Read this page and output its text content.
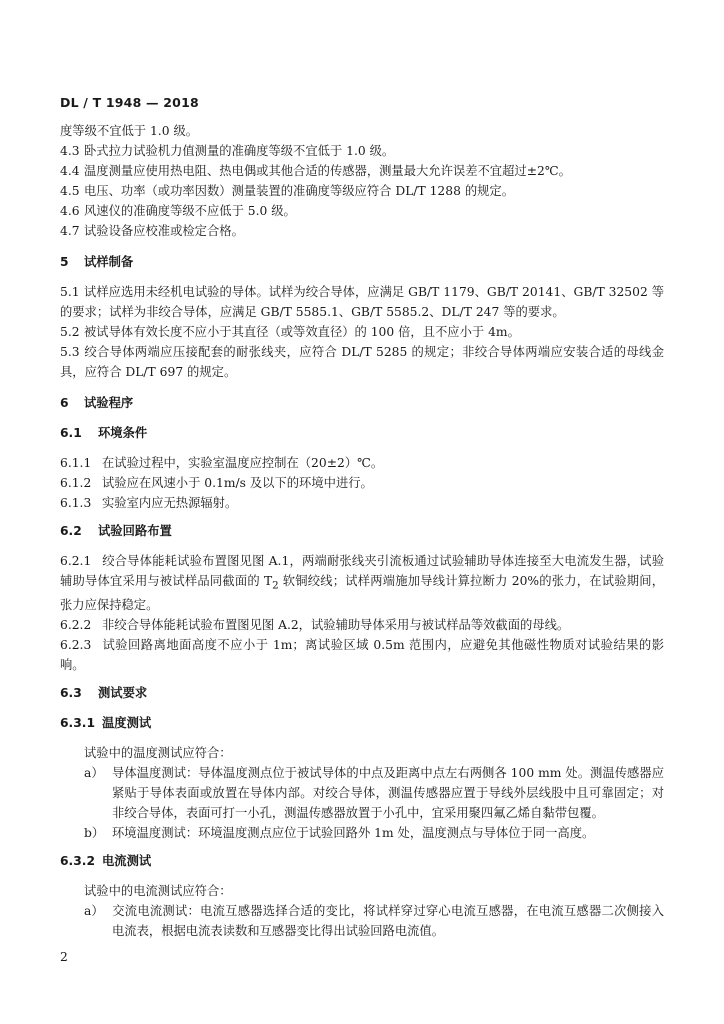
DL / T 1948 — 2018

度等级不宜低于 1.0 级。

4.3 卧式拉力试验机力值测量的准确度等级不宜低于 1.0 级。

4.4 温度测量应使用热电阻、热电偶或其他合适的传感器，测量最大允许误差不宜超过±2℃。

4.5 电压、功率（或功率因数）测量装置的准确度等级应符合 DL/T 1288 的规定。

4.6 风速仪的准确度等级不应低于 5.0 级。

4.7 试验设备应校准或检定合格。

5 试样制备

5.1 试样应选用未经机电试验的导体。试样为绞合导体，应满足 GB/T 1179、GB/T 20141、GB/T 32502 等的要求；试样为非绞合导体，应满足 GB/T 5585.1、GB/T 5585.2、DL/T 247 等的要求。

5.2 被试导体有效长度不应小于其直径（或等效直径）的 100 倍，且不应小于 4m。

5.3 绞合导体两端应压接配套的耐张线夹，应符合 DL/T 5285 的规定；非绞合导体两端应安装合适的母线金具，应符合 DL/T 697 的规定。

6 试验程序

6.1 环境条件

6.1.1 在试验过程中，实验室温度应控制在（20±2）℃。

6.1.2 试验应在风速小于 0.1m/s 及以下的环境中进行。

6.1.3 实验室内应无热源辐射。

6.2 试验回路布置

6.2.1 绞合导体能耗试验布置图见图 A.1，两端耐张线夹引流板通过试验辅助导体连接至大电流发生器，试验辅助导体宜采用与被试样品同截面的 $T_2$ 软铜绞线；试样两端施加导线计算拉断力 20%的张力，在试验期间，张力应保持稳定。

6.2.2 非绞合导体能耗试验布置图见图 A.2，试验辅助导体采用与被试样品等效截面的母线。

6.2.3 试验回路离地面高度不应小于 1m；离试验区域 0.5m 范围内，应避免其他磁性物质对试验结果的影响。

6.3 测试要求

6.3.1 温度测试

试验中的温度测试应符合：

a） 导体温度测试：导体温度测点位于被试导体的中点及距离中点左右两侧各 100 mm 处。测温传感器应紧贴于导体表面或放置在导体内部。对绞合导体，测温传感器应置于导线外层线股中且可靠固定；对非绞合导体，表面可打一小孔，测温传感器放置于小孔中，宜采用聚四氟乙烯自黏带包覆。

b） 环境温度测试：环境温度测点应位于试验回路外 1m 处，温度测点与导体位于同一高度。

6.3.2 电流测试

试验中的电流测试应符合：

a） 交流电流测试：电流互感器选择合适的变比，将试样穿过穿心电流互感器，在电流互感器二次侧接入电流表，根据电流表读数和互感器变比得出试验回路电流值。

2
